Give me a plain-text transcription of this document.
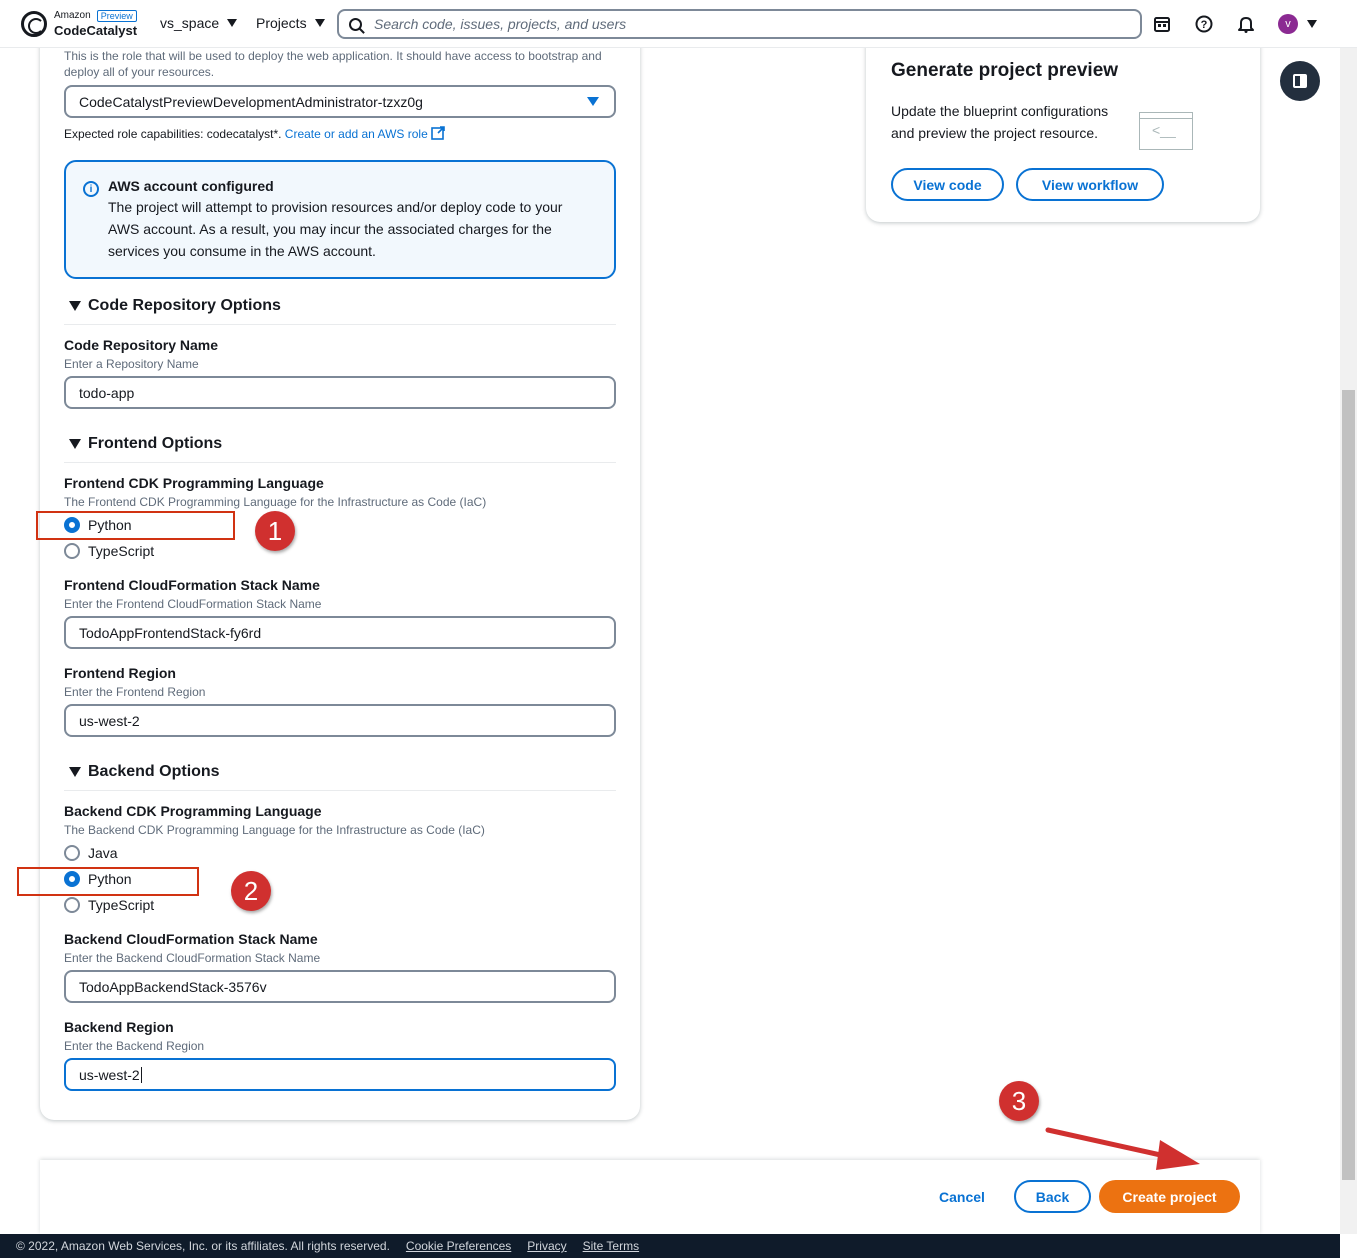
Amazon	Preview
CodeCatalyst vs_space	Projects
Search code, issues, projects, and users	?	v
This is the role that will be used to deploy the web application. It should have access to bootstrap and deploy all of your resources.
CodeCatalystPreviewDevelopmentAdministrator-tzxz0g
Expected role capabilities: codecatalyst*. Create or add an AWS role
i	AWS account configured
The project will attempt to provision resources and/or deploy code to your AWS account. As a result, you may incur the associated charges for the services you consume in the AWS account.
Code Repository Options
Code Repository Name
Enter a Repository Name
todo-app
Frontend Options
Frontend CDK Programming Language
The Frontend CDK Programming Language for the Infrastructure as Code (IaC)
Python
TypeScript
Frontend CloudFormation Stack Name
Enter the Frontend CloudFormation Stack Name
TodoAppFrontendStack-fy6rd
Frontend Region
Enter the Frontend Region
us-west-2
Backend Options
Backend CDK Programming Language
The Backend CDK Programming Language for the Infrastructure as Code (IaC)
Java
Python
TypeScript
Backend CloudFormation Stack Name
Enter the Backend CloudFormation Stack Name
TodoAppBackendStack-3576v
Backend Region
Enter the Backend Region
us-west-2
Generate project preview
Update the blueprint configurations and preview the project resource.
<__
View code	View workflow
Cancel	Back	Create project
© 2022, Amazon Web Services, Inc. or its affiliates. All rights reserved. Cookie Preferences Privacy Site Terms
1
2
3
